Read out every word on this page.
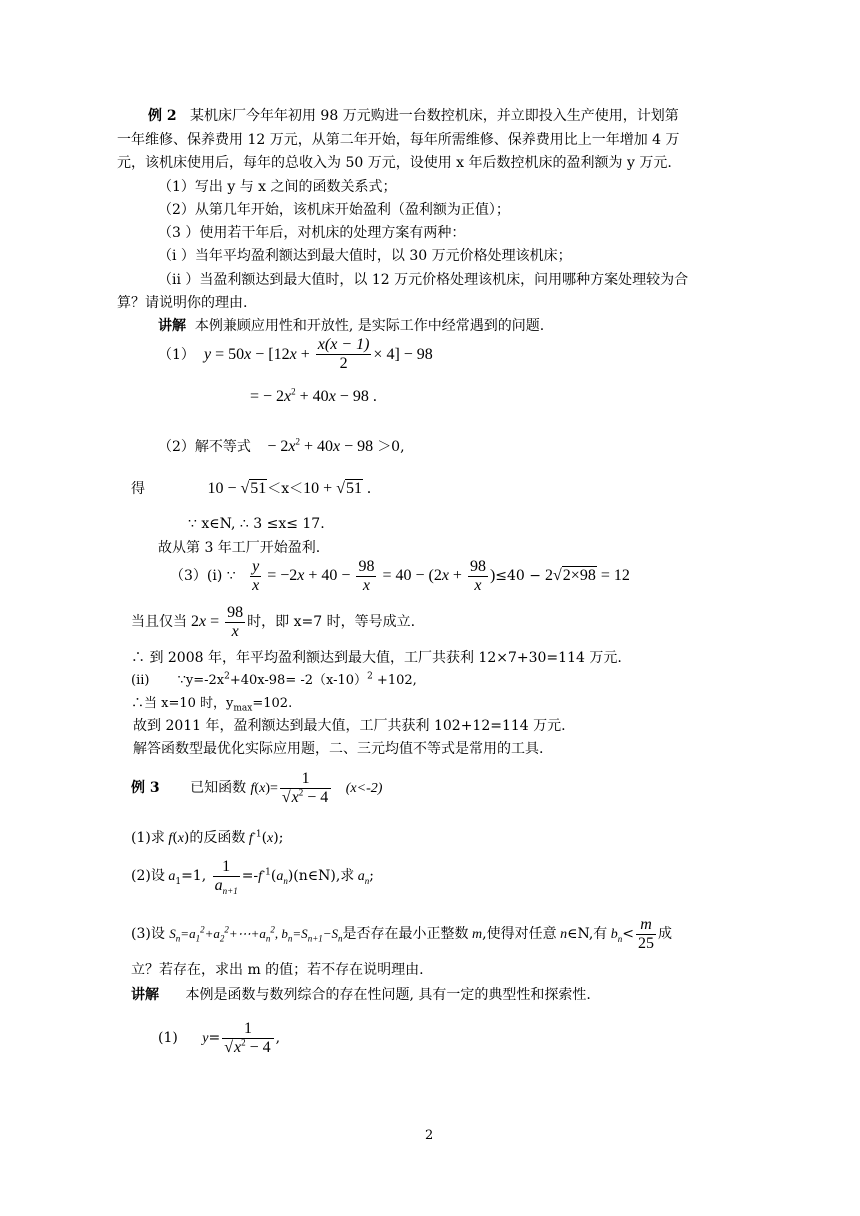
例 2 某机床厂今年年初用 98 万元购进一台数控机床，并立即投入生产使用，计划第
一年维修、保养费用 12 万元，从第二年开始，每年所需维修、保养费用比上一年增加 4 万
元，该机床使用后，每年的总收入为 50 万元，设使用 x 年后数控机床的盈利额为 y 万元.
（1）写出 y 与 x 之间的函数关系式；
（2）从第几年开始，该机床开始盈利（盈利额为正值）；
（3 ）使用若干年后，对机床的处理方案有两种：
（i ）当年平均盈利额达到最大值时，以 30 万元价格处理该机床；
（ii ）当盈利额达到最大值时，以 12 万元价格处理该机床，问用哪种方案处理较为合
算？请说明你的理由.
讲解 本例兼顾应用性和开放性, 是实际工作中经常遇到的问题.
（1）  $y = 50x - [12x + \frac{x(x - 1)}{2} \times 4] - 98$
= − $2x^2 + 40x - 98$ .
（2）解不等式    − $2x^2 + 40x - 98 >0$,
得	10 − √51＜x＜10 + √51 .
∵ x∈N, ∴ 3 ≤x≤ 17.
故从第 3 年工厂开始盈利.
（3）(i) ∵ $\frac{y}{x} = -2x + 40 - \frac{98}{x} = 40 - (2x + \frac{98}{x} )\le 40 - 2√2\times 98 = 12$
当且仅当 $2x = \frac{98}{x}$ 时，即 x=7 时，等号成立.
∴ 到 2008 年，年平均盈利额达到最大值，工厂共获利 12×7+30=114 万元.
(ii) $\because y=-2x^2+40x-98= -2(x-10)^2 +102$,
∴当 x=10 时，$y_{max}=102$.
故到 2011 年，盈利额达到最大值，工厂共获利 102+12=114 万元.
解答函数型最优化实际应用题，二、三元均值不等式是常用的工具.
例 3 已知函数 $f(x)= \frac{1}{√x^2 - 4} (x<-2)$
(1)求 f(x)的反函数 $f^{-1}(x)$;
(2)设 $a_1=1$, $\frac{1}{a_{n+1}}$ $=-f^{-1}(a_n)(n\in N)$,求 $a_n$;
(3)设 $S_n=a_1^2+a_2^2+\cdots+a_n^2$, $b_n=S_{n+1}-S_n$是否存在最小正整数 m,使得对任意 n∈N,有 $b_n< \frac{m}{25}$ 成
立？若存在，求出 m 的值；若不存在说明理由.
讲解 本例是函数与数列综合的存在性问题, 具有一定的典型性和探索性.
(1) $y= \frac{1}{√x^2 - 4}$ ,
2
